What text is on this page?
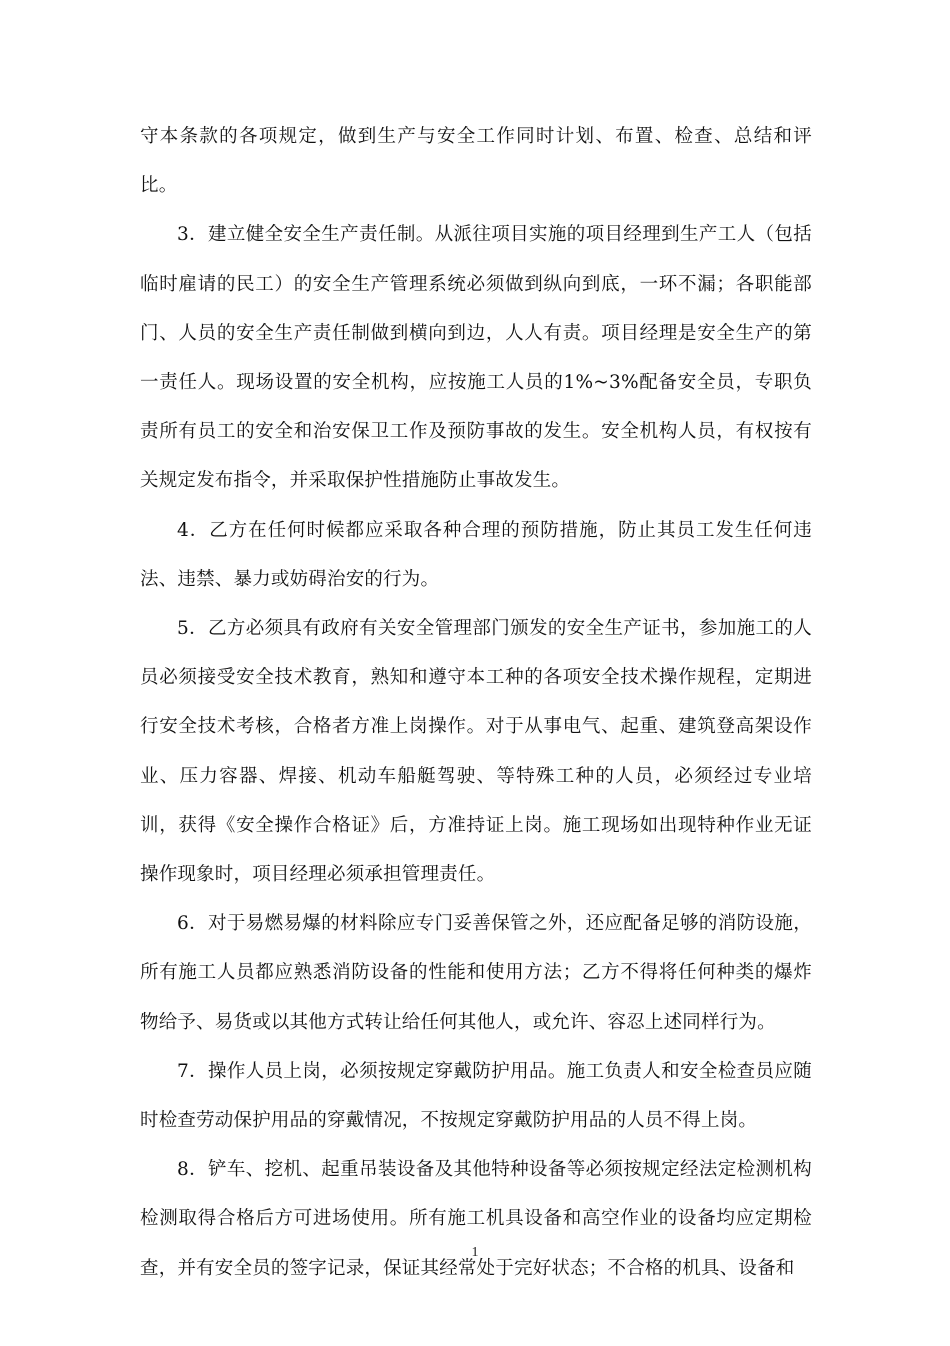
守本条款的各项规定，做到生产与安全工作同时计划、布置、检查、总结和评比。

3．建立健全安全生产责任制。从派往项目实施的项目经理到生产工人（包括临时雇请的民工）的安全生产管理系统必须做到纵向到底，一环不漏；各职能部门、人员的安全生产责任制做到横向到边，人人有责。项目经理是安全生产的第一责任人。现场设置的安全机构，应按施工人员的1%~3%配备安全员，专职负责所有员工的安全和治安保卫工作及预防事故的发生。安全机构人员，有权按有关规定发布指令，并采取保护性措施防止事故发生。

4．乙方在任何时候都应采取各种合理的预防措施，防止其员工发生任何违法、违禁、暴力或妨碍治安的行为。

5．乙方必须具有政府有关安全管理部门颁发的安全生产证书，参加施工的人员必须接受安全技术教育，熟知和遵守本工种的各项安全技术操作规程，定期进行安全技术考核，合格者方准上岗操作。对于从事电气、起重、建筑登高架设作业、压力容器、焊接、机动车船艇驾驶、等特殊工种的人员，必须经过专业培训，获得《安全操作合格证》后，方准持证上岗。施工现场如出现特种作业无证操作现象时，项目经理必须承担管理责任。

6．对于易燃易爆的材料除应专门妥善保管之外，还应配备足够的消防设施，所有施工人员都应熟悉消防设备的性能和使用方法；乙方不得将任何种类的爆炸物给予、易货或以其他方式转让给任何其他人，或允许、容忍上述同样行为。

7．操作人员上岗，必须按规定穿戴防护用品。施工负责人和安全检查员应随时检查劳动保护用品的穿戴情况，不按规定穿戴防护用品的人员不得上岗。

8．铲车、挖机、起重吊装设备及其他特种设备等必须按规定经法定检测机构检测取得合格后方可进场使用。所有施工机具设备和高空作业的设备均应定期检查，并有安全员的签字记录，保证其经常处于完好状态；不合格的机具、设备和

1
